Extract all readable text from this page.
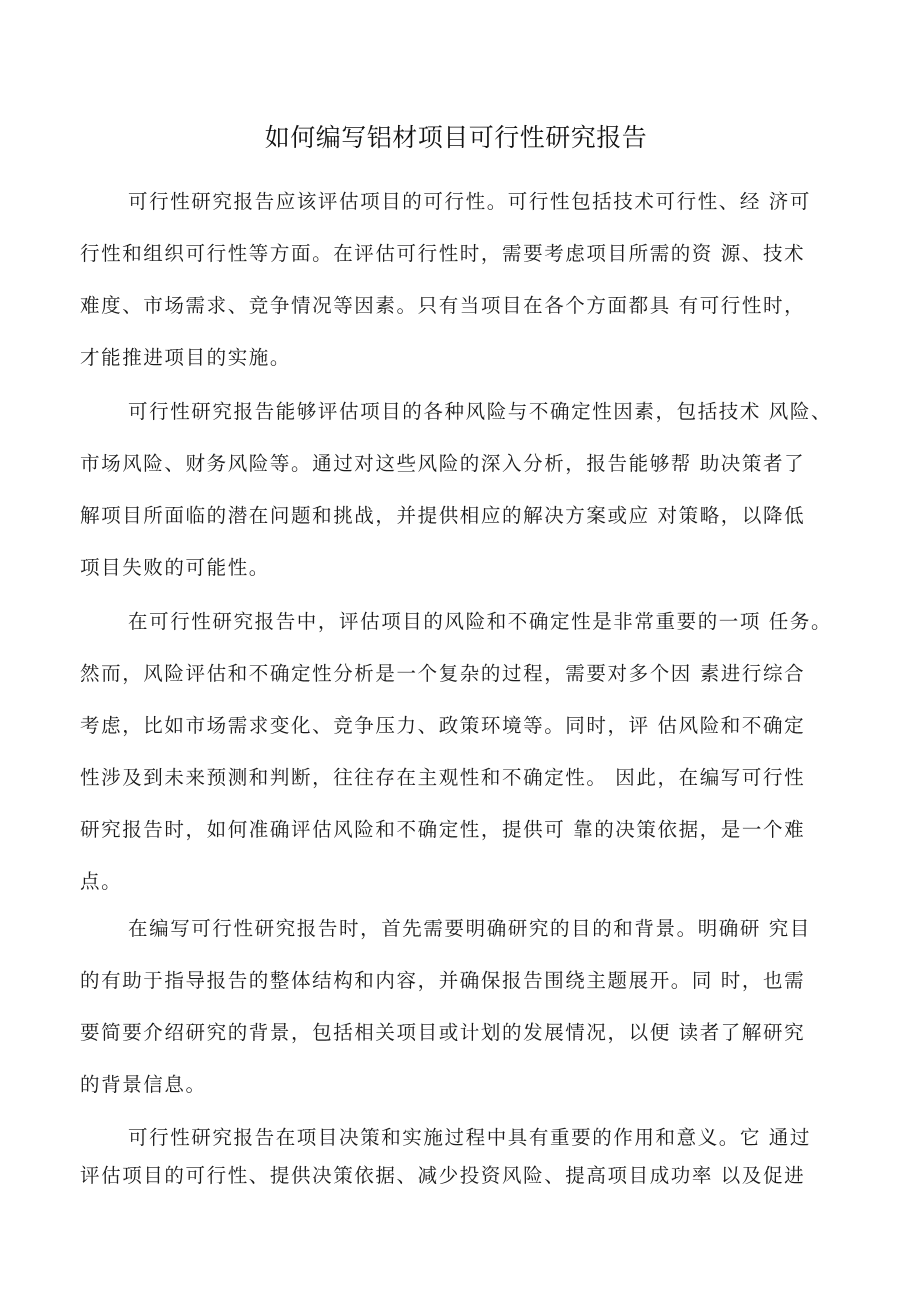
如何编写铝材项目可行性研究报告
可行性研究报告应该评估项目的可行性。可行性包括技术可行性、经 济可
行性和组织可行性等方面。在评估可行性时，需要考虑项目所需的资 源、技术
难度、市场需求、竞争情况等因素。只有当项目在各个方面都具 有可行性时，
才能推进项目的实施。
可行性研究报告能够评估项目的各种风险与不确定性因素，包括技术 风险、
市场风险、财务风险等。通过对这些风险的深入分析，报告能够帮 助决策者了
解项目所面临的潜在问题和挑战，并提供相应的解决方案或应 对策略，以降低
项目失败的可能性。
在可行性研究报告中，评估项目的风险和不确定性是非常重要的一项 任务。
然而，风险评估和不确定性分析是一个复杂的过程，需要对多个因 素进行综合
考虑，比如市场需求变化、竞争压力、政策环境等。同时，评 估风险和不确定
性涉及到未来预测和判断，往往存在主观性和不确定性。 因此，在编写可行性
研究报告时，如何准确评估风险和不确定性，提供可 靠的决策依据，是一个难
点。
在编写可行性研究报告时，首先需要明确研究的目的和背景。明确研 究目
的有助于指导报告的整体结构和内容，并确保报告围绕主题展开。同 时，也需
要简要介绍研究的背景，包括相关项目或计划的发展情况，以便 读者了解研究
的背景信息。
可行性研究报告在项目决策和实施过程中具有重要的作用和意义。它 通过
评估项目的可行性、提供决策依据、减少投资风险、提高项目成功率 以及促进
